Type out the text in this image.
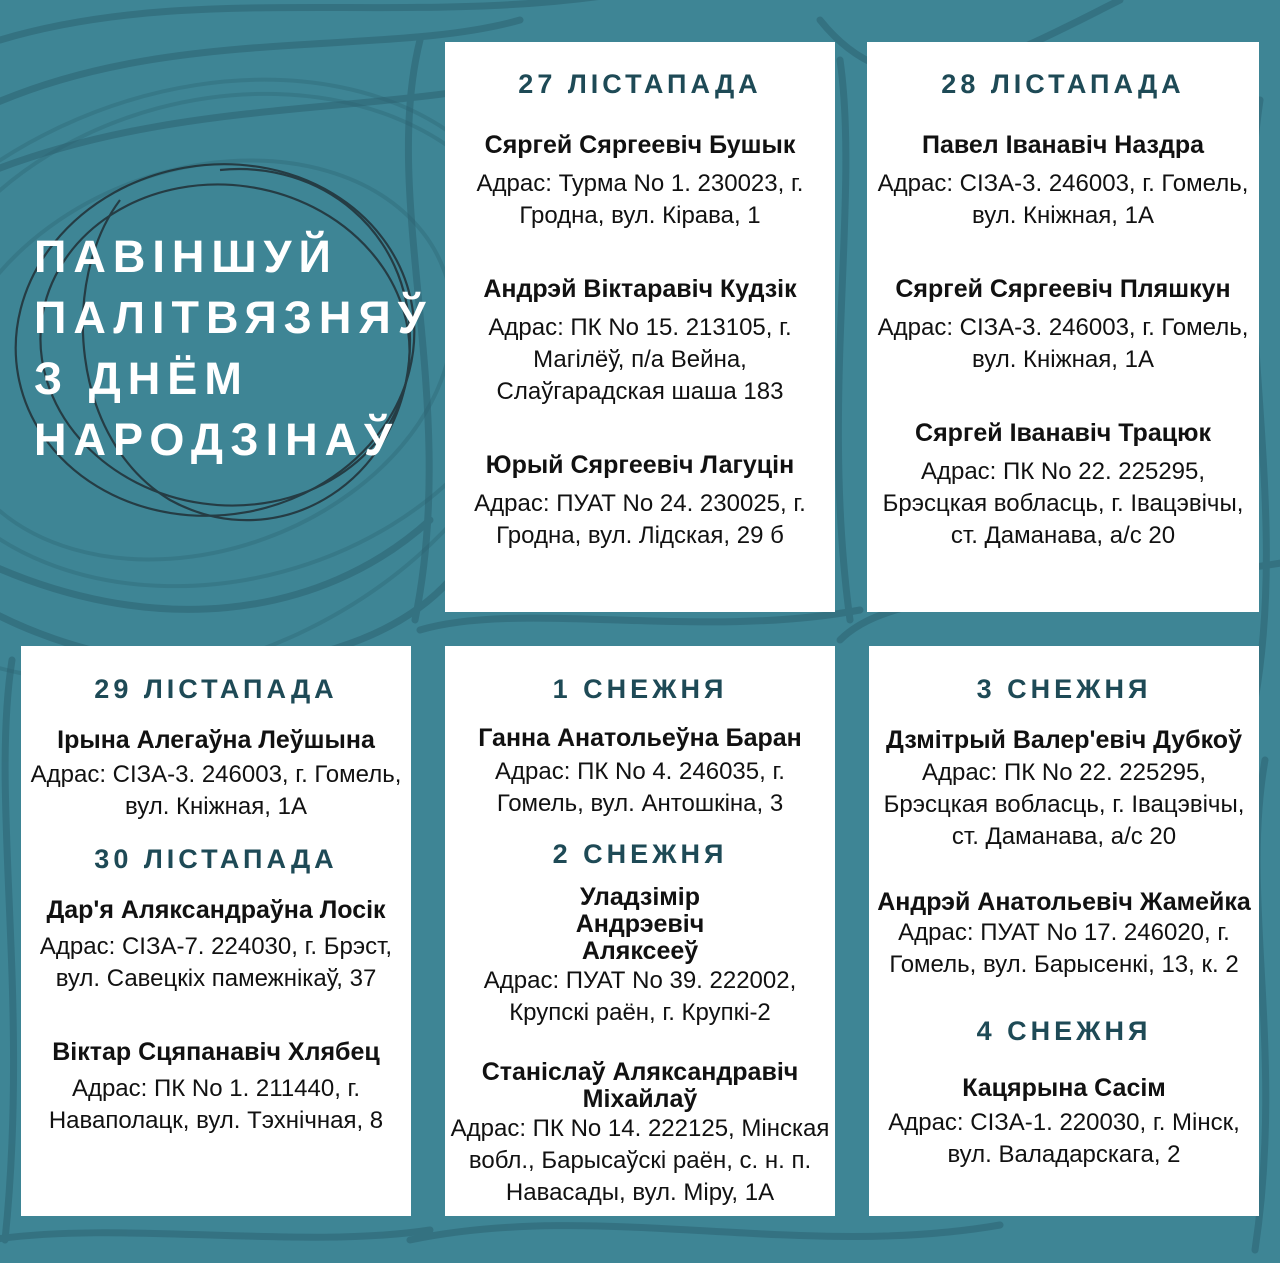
ПАВІНШУЙ
ПАЛІТВЯЗНЯЎ
З ДНЁМ
НАРОДЗІНАЎ
27 ЛІСТАПАДА
Сяргей Сяргеевіч Бушык
Адрас: Турма No 1. 230023, г.
Гродна, вул. Кірава, 1
Андрэй Віктаравіч Кудзік
Адрас: ПК No 15. 213105, г.
Магілёў, п/а Вейна,
Слаўгарадская шаша 183
Юрый Сяргеевіч Лагуцін
Адрас: ПУАТ No 24. 230025, г.
Гродна, вул. Лідская, 29 б
28 ЛІСТАПАДА
Павел Іванавіч Наздра
Адрас: СІЗА-3. 246003, г. Гомель,
вул. Кніжная, 1А
Сяргей Сяргеевіч Пляшкун
Адрас: СІЗА-3. 246003, г. Гомель,
вул. Кніжная, 1А
Сяргей Іванавіч Трацюк
Адрас: ПК No 22. 225295,
Брэсцкая вобласць, г. Івацэвічы,
ст. Даманава, а/с 20
29 ЛІСТАПАДА
Ірына Алегаўна Леўшына
Адрас: СІЗА-3. 246003, г. Гомель,
вул. Кніжная, 1А
30 ЛІСТАПАДА
Дар'я Аляксандраўна Лосік
Адрас: СІЗА-7. 224030, г. Брэст,
вул. Савецкіх памежнікаў, 37
Віктар Сцяпанавіч Хлябец
Адрас: ПК No 1. 211440, г.
Наваполацк, вул. Тэхнічная, 8
1 СНЕЖНЯ
Ганна Анатольеўна Баран
Адрас: ПК No 4. 246035, г.
Гомель, вул. Антошкіна, 3
2 СНЕЖНЯ
Уладзімір Андрэевіч Аляксееў
Адрас: ПУАТ No 39. 222002,
Крупскі раён, г. Крупкі-2
Станіслаў Аляксандравіч Міхайлаў
Адрас: ПК No 14. 222125, Мінская
вобл., Барысаўскі раён, с. н. п.
Навасады, вул. Міру, 1А
3 СНЕЖНЯ
Дзмітрый Валер'евіч Дубкоў
Адрас: ПК No 22. 225295,
Брэсцкая вобласць, г. Івацэвічы,
ст. Даманава, а/с 20
Андрэй Анатольевіч Жамейка
Адрас: ПУАТ No 17. 246020, г.
Гомель, вул. Барысенкі, 13, к. 2
4 СНЕЖНЯ
Кацярына Сасім
Адрас: СІЗА-1. 220030, г. Мінск,
вул. Валадарскага, 2
